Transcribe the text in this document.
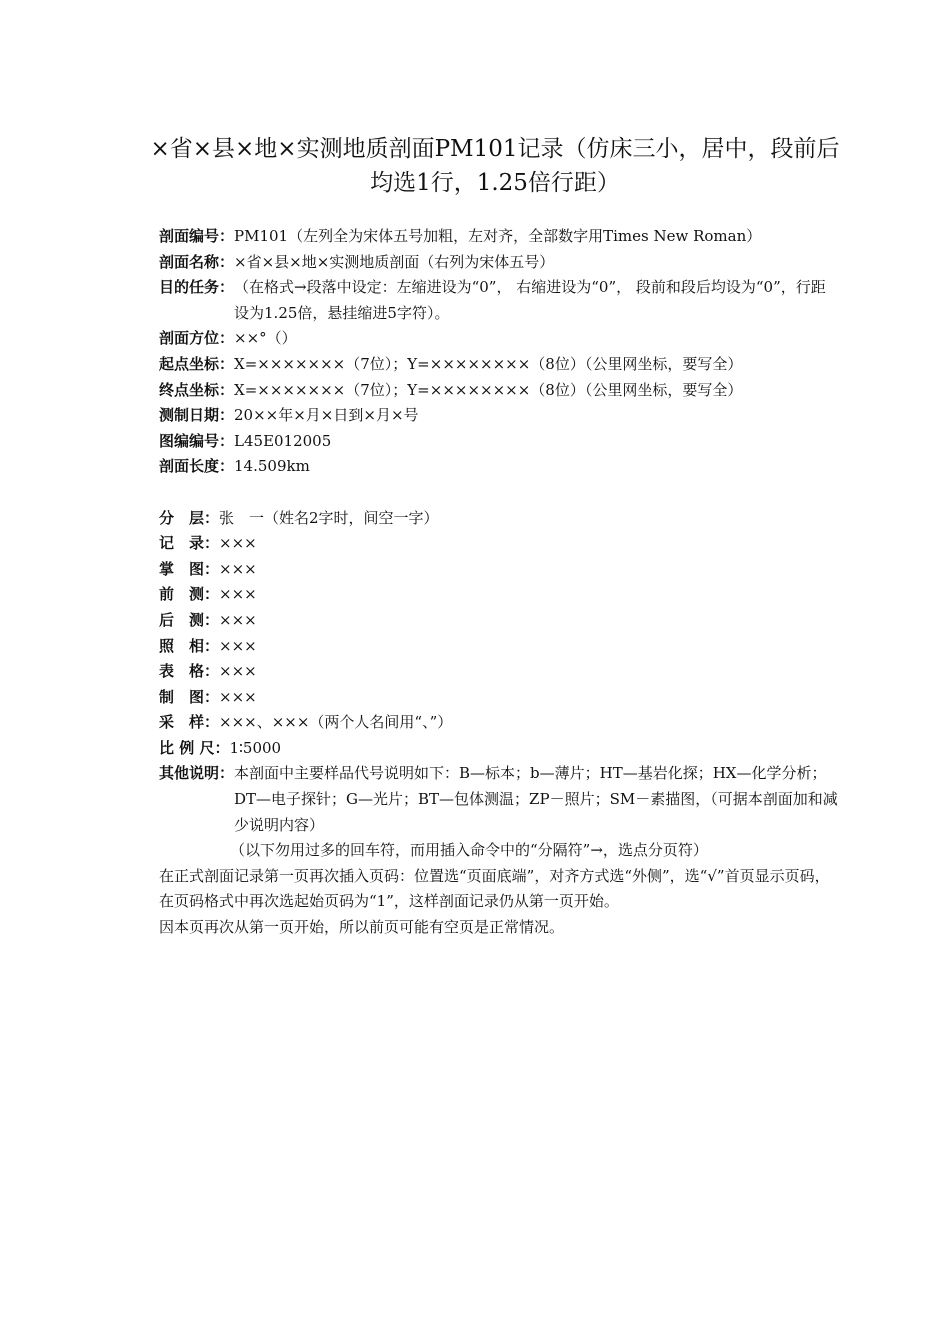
×省×县×地×实测地质剖面PM101记录（仿床三小，居中，段前后均选1行，1.25倍行距）
剖面编号： PM101（左列全为宋体五号加粗，左对齐，全部数字用Times New Roman）
剖面名称： ×省×县×地×实测地质剖面（右列为宋体五号）
目的任务： （在格式→段落中设定：左缩进设为“0”， 右缩进设为“0”， 段前和段后均设为“0”，行距设为1.25倍，悬挂缩进5字符）。
剖面方位： ××°（）
起点坐标： X=×××××××（7位）；Y=××××××××（8位）（公里网坐标，要写全）
终点坐标： X=×××××××（7位）；Y=××××××××（8位）（公里网坐标，要写全）
测制日期： 20××年×月×日到×月×号
图编编号： L45E012005
剖面长度： 14.509km
分　层： 张　一（姓名2字时，间空一字）
记　录： ×××
掌　图： ×××
前　测： ×××
后　测： ×××
照　相： ×××
表　格： ×××
制　图： ×××
采　样： ×××、×××（两个人名间用“、”）
比 例 尺： 1∶5000
其他说明： 本剖面中主要样品代号说明如下：B—标本；b—薄片；HT—基岩化探；HX—化学分析；DT—电子探针；G—光片；BT—包体测温；ZP－照片；SM－素描图，（可据本剖面加和减少说明内容）
（以下勿用过多的回车符，而用插入命令中的“分隔符”→，选点分页符）
在正式剖面记录第一页再次插入页码：位置选“页面底端”，对齐方式选“外侧”，选“√”首页显示页码，在页码格式中再次选起始页码为“1”，这样剖面记录仍从第一页开始。
因本页再次从第一页开始，所以前页可能有空页是正常情况。
